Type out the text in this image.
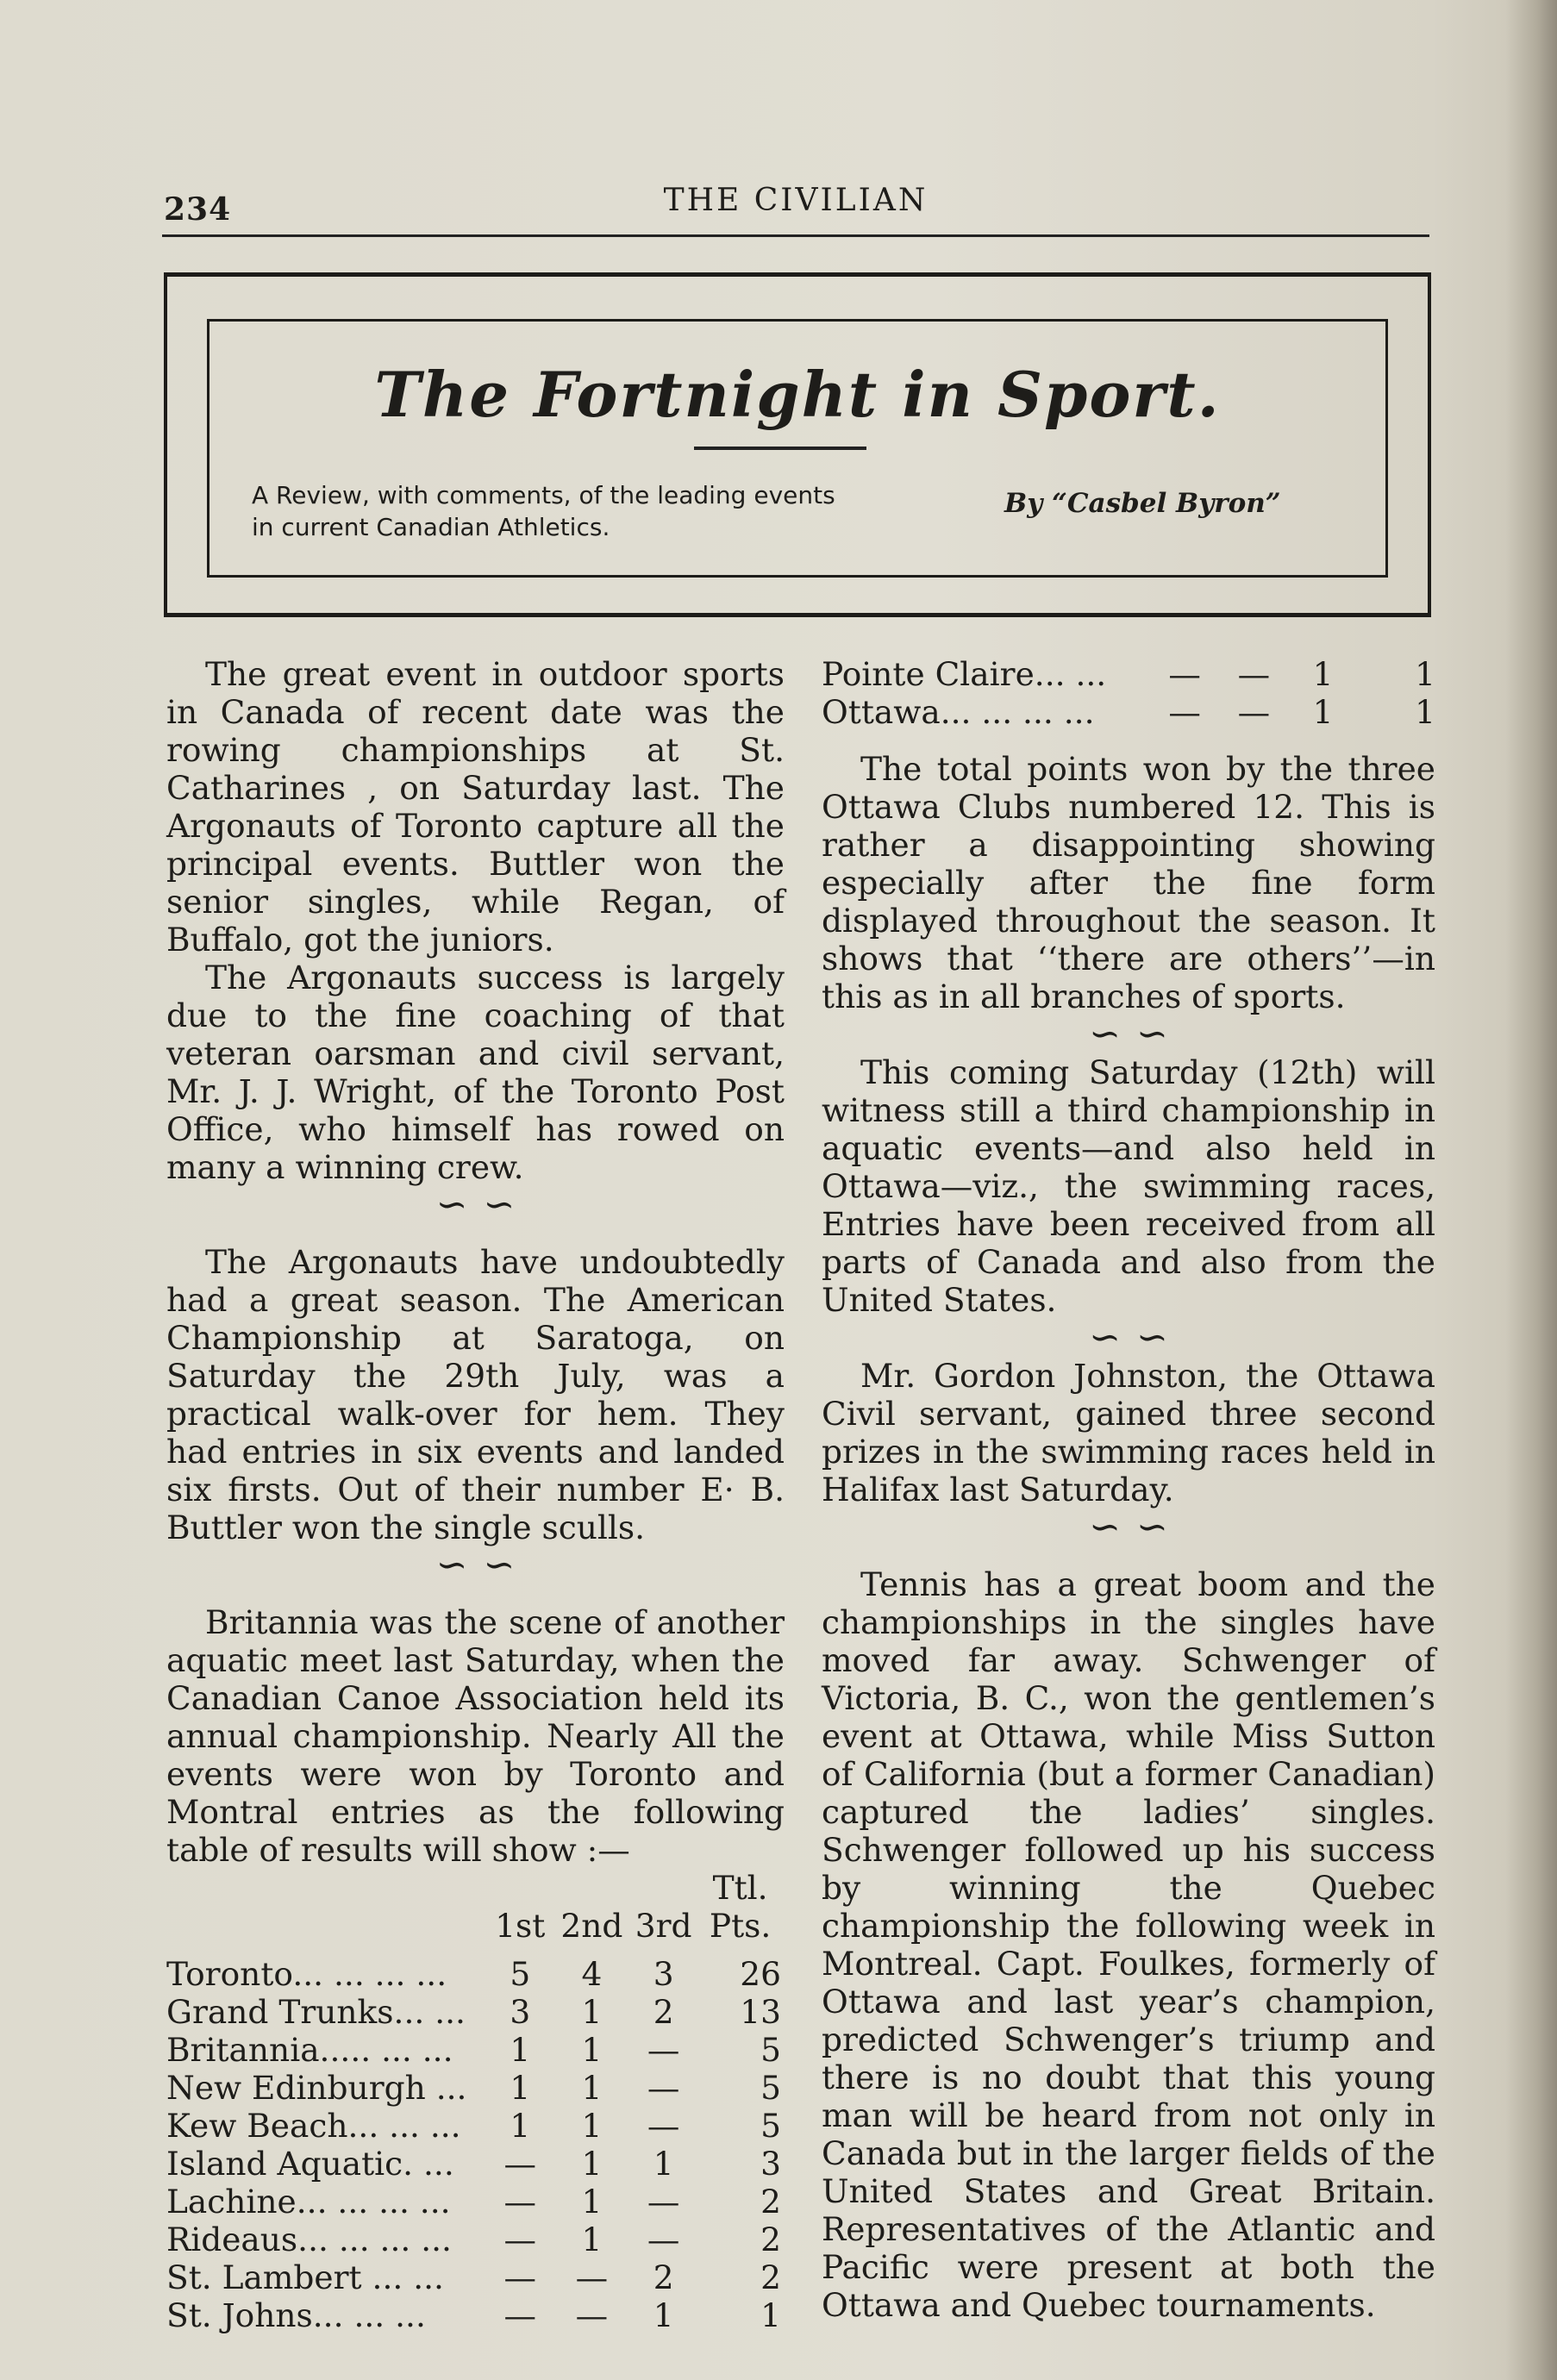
234	THE CIVILIAN
The Fortnight in Sport.
A Review, with comments, of the leading events in current Canadian Athletics.
By “Casbel Byron”

The great event in outdoor sports in Canada of recent date was the rowing championships at St. Catharines , on Saturday last. The Argonauts of Toronto capture all the principal events. Buttler won the senior singles, while Regan, of Buffalo, got the juniors.

The Argonauts success is largely due to the fine coaching of that veteran oarsman and civil servant, Mr. J. J. Wright, of the Toronto Post Office, who himself has rowed on many a winning crew.

∽ ∽

The Argonauts have undoubtedly had a great season. The American Championship at Saratoga, on Saturday the 29th July, was a practical walk-over for hem. They had entries in six events and landed six firsts. Out of their number E· B. Buttler won the single sculls.

∽ ∽

Britannia was the scene of another aquatic meet last Saturday, when the Canadian Canoe Association held its annual championship. Nearly All the events were won by Toronto and Montral entries as the following table of results will show :—

				Ttl.
	1st	2nd	3rd	Pts.

Toronto... ... ... ...	5	4	3	26
Grand Trunks... ...	3	1	2	13
Britannia..... ... ...	1	1	—	5
New Edinburgh ...	1	1	—	5
Kew Beach... ... ...	1	1	—	5
Island Aquatic. ...	—	1	1	3
Lachine... ... ... ...	—	1	—	2
Rideaus... ... ... ...	—	1	—	2
St. Lambert ... ...	—	—	2	2
St. Johns... ... ...	—	—	1	1
Pointe Claire... ...	—	—	1	1
Ottawa... ... ... ...	—	—	1	1

The total points won by the three Ottawa Clubs numbered 12. This is rather a disappointing showing especially after the fine form displayed throughout the season. It shows that ‘‘there are others’’—in this as in all branches of sports.

∽ ∽

This coming Saturday (12th) will witness still a third championship in aquatic events—and also held in Ottawa—viz., the swimming races, Entries have been received from all parts of Canada and also from the United States.

∽ ∽

Mr. Gordon Johnston, the Ottawa Civil servant, gained three second prizes in the swimming races held in Halifax last Saturday.

∽ ∽

Tennis has a great boom and the championships in the singles have moved far away. Schwenger of Victoria, B. C., won the gentlemen’s event at Ottawa, while Miss Sutton of California (but a former Canadian) captured the ladies’ singles. Schwenger followed up his success by winning the Quebec championship the following week in Montreal. Capt. Foulkes, formerly of Ottawa and last year’s champion, predicted Schwenger’s triump and there is no doubt that this young man will be heard from not only in Canada but in the larger fields of the United States and Great Britain. Representatives of the Atlantic and Pacific were present at both the Ottawa and Quebec tournaments.
